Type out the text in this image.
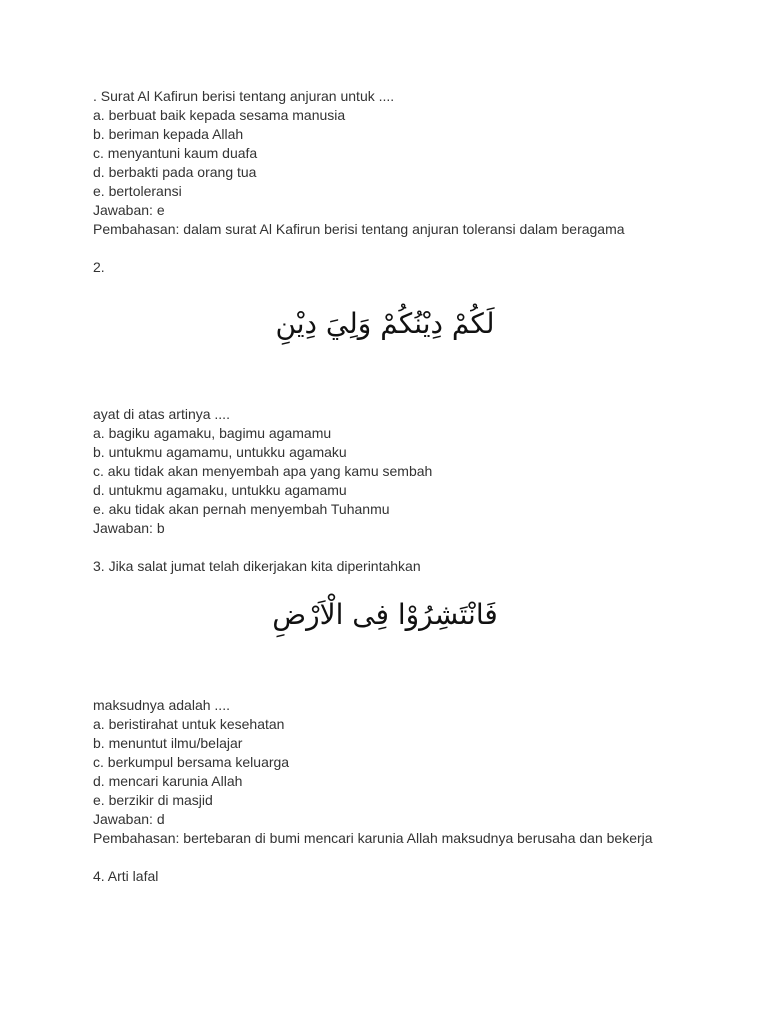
. Surat Al Kafirun berisi tentang anjuran untuk ....

a. berbuat baik kepada sesama manusia

b. beriman kepada Allah

c. menyantuni kaum duafa

d. berbakti pada orang tua

e. bertoleransi

Jawaban: e

Pembahasan: dalam surat Al Kafirun berisi tentang anjuran toleransi dalam beragama

2.

لَكُمْ دِيْنُكُمْ وَلِيَ دِيْنِ

ayat di atas artinya ....

a. bagiku agamaku, bagimu agamamu

b. untukmu agamamu, untukku agamaku

c. aku tidak akan menyembah apa yang kamu sembah

d. untukmu agamaku, untukku agamamu

e. aku tidak akan pernah menyembah Tuhanmu

Jawaban: b

3. Jika salat jumat telah dikerjakan kita diperintahkan

فَانْتَشِرُوْا فِى الْاَرْضِ

maksudnya adalah ....

a. beristirahat untuk kesehatan

b. menuntut ilmu/belajar

c. berkumpul bersama keluarga

d. mencari karunia Allah

e. berzikir di masjid

Jawaban: d

Pembahasan: bertebaran di bumi mencari karunia Allah maksudnya berusaha dan bekerja

4. Arti lafal
